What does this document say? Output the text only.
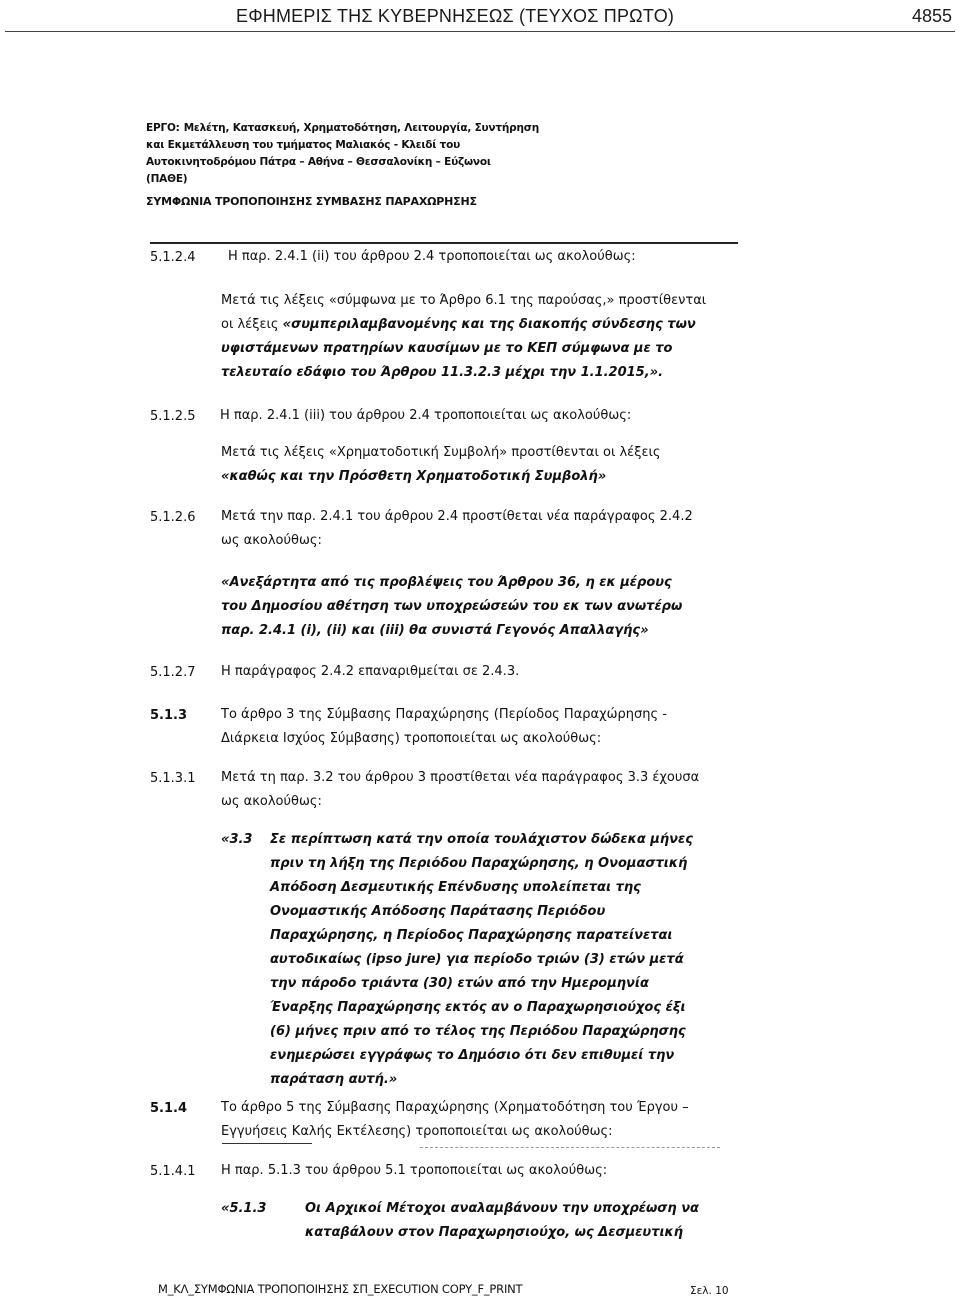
ΕΦΗΜΕΡΙΣ ΤΗΣ ΚΥΒΕΡΝΗΣΕΩΣ (ΤΕΥΧΟΣ ΠΡΩΤΟ)	4855
ΕΡΓΟ: Μελέτη, Κατασκευή, Χρηματοδότηση, Λειτουργία, Συντήρηση
και Εκμετάλλευση του τμήματος Μαλιακός - Κλειδί του
Αυτοκινητοδρόμου Πάτρα – Αθήνα – Θεσσαλονίκη – Εύζωνοι
(ΠΑΘΕ)
ΣΥΜΦΩΝΙΑ ΤΡΟΠΟΠΟΙΗΣΗΣ ΣΥΜΒΑΣΗΣ ΠΑΡΑΧΩΡΗΣΗΣ
5.1.2.4	Η παρ. 2.4.1 (ii) του άρθρου 2.4 τροποποιείται ως ακολούθως:
Μετά τις λέξεις «σύμφωνα με το Άρθρο 6.1 της παρούσας,» προστίθενται
οι λέξεις «συμπεριλαμβανομένης και της διακοπής σύνδεσης των
υφιστάμενων πρατηρίων καυσίμων με το ΚΕΠ σύμφωνα με το
τελευταίο εδάφιο του Άρθρου 11.3.2.3 μέχρι την 1.1.2015,».
5.1.2.5 Η παρ. 2.4.1 (iii) του άρθρου 2.4 τροποποιείται ως ακολούθως:
Μετά τις λέξεις «Χρηματοδοτική Συμβολή» προστίθενται οι λέξεις
«καθώς και την Πρόσθετη Χρηματοδοτική Συμβολή»
5.1.2.6 Μετά την παρ. 2.4.1 του άρθρου 2.4 προστίθεται νέα παράγραφος 2.4.2
ως ακολούθως:
«Ανεξάρτητα από τις προβλέψεις του Άρθρου 36, η εκ μέρους
του Δημοσίου αθέτηση των υποχρεώσεών του εκ των ανωτέρω
παρ. 2.4.1 (i), (ii) και (iii) θα συνιστά Γεγονός Απαλλαγής»
5.1.2.7 Η παράγραφος 2.4.2 επαναριθμείται σε 2.4.3.
5.1.3	Το άρθρο 3 της Σύμβασης Παραχώρησης (Περίοδος Παραχώρησης -
Διάρκεια Ισχύος Σύμβασης) τροποποιείται ως ακολούθως:
5.1.3.1 Μετά τη παρ. 3.2 του άρθρου 3 προστίθεται νέα παράγραφος 3.3 έχουσα
ως ακολούθως:
«3.3 Σε περίπτωση κατά την οποία τουλάχιστον δώδεκα μήνες
πριν τη λήξη της Περιόδου Παραχώρησης, η Ονομαστική
Απόδοση Δεσμευτικής Επένδυσης υπολείπεται της
Ονομαστικής Απόδοσης Παράτασης Περιόδου
Παραχώρησης, η Περίοδος Παραχώρησης παρατείνεται
αυτοδικαίως (ipso jure) για περίοδο τριών (3) ετών μετά
την πάροδο τριάντα (30) ετών από την Ημερομηνία
Έναρξης Παραχώρησης εκτός αν ο Παραχωρησιούχος έξι
(6) μήνες πριν από το τέλος της Περιόδου Παραχώρησης
ενημερώσει εγγράφως το Δημόσιο ότι δεν επιθυμεί την
παράταση αυτή.»
5.1.4	Το άρθρο 5 της Σύμβασης Παραχώρησης (Χρηματοδότηση του Έργου –
Εγγυήσεις Καλής Εκτέλεσης) τροποποιείται ως ακολούθως:
5.1.4.1 Η παρ. 5.1.3 του άρθρου 5.1 τροποποιείται ως ακολούθως:
«5.1.3	Οι Αρχικοί Μέτοχοι αναλαμβάνουν την υποχρέωση να
καταβάλουν στον Παραχωρησιούχο, ως Δεσμευτική
Μ_ΚΛ_ΣΥΜΦΩΝΙΑ ΤΡΟΠΟΠΟΙΗΣΗΣ ΣΠ_EXECUTION COPY_F_PRINT	Σελ. 10
